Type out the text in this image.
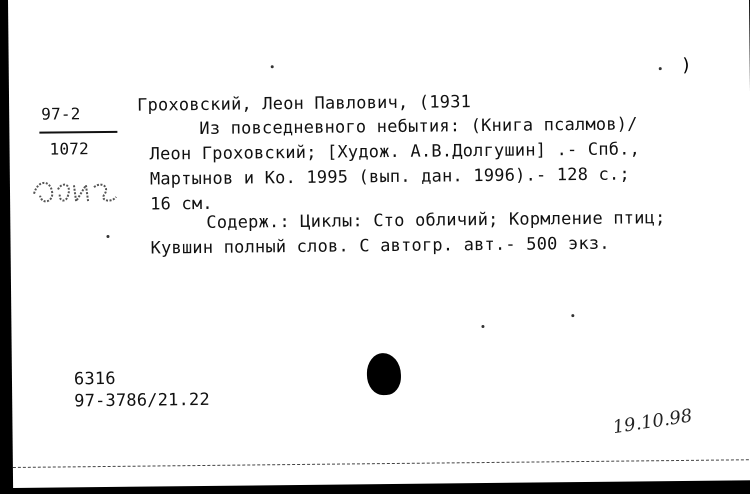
97-2
1072
Гроховский, Леон Павлович, (1931
)
Из повседневного небытия: (Книга псалмов)/
Леон Гроховский; [Худож. А.В.Долгушин] .- Спб.,
Мартынов и Ко. 1995 (вып. дан. 1996).- 128 с.;
16 см.
Содерж.: Циклы: Сто обличий; Кормление птиц;
Кувшин полный слов. С автогр. авт.- 500 экз.
6316
97-3786/21.22
19.10.98
